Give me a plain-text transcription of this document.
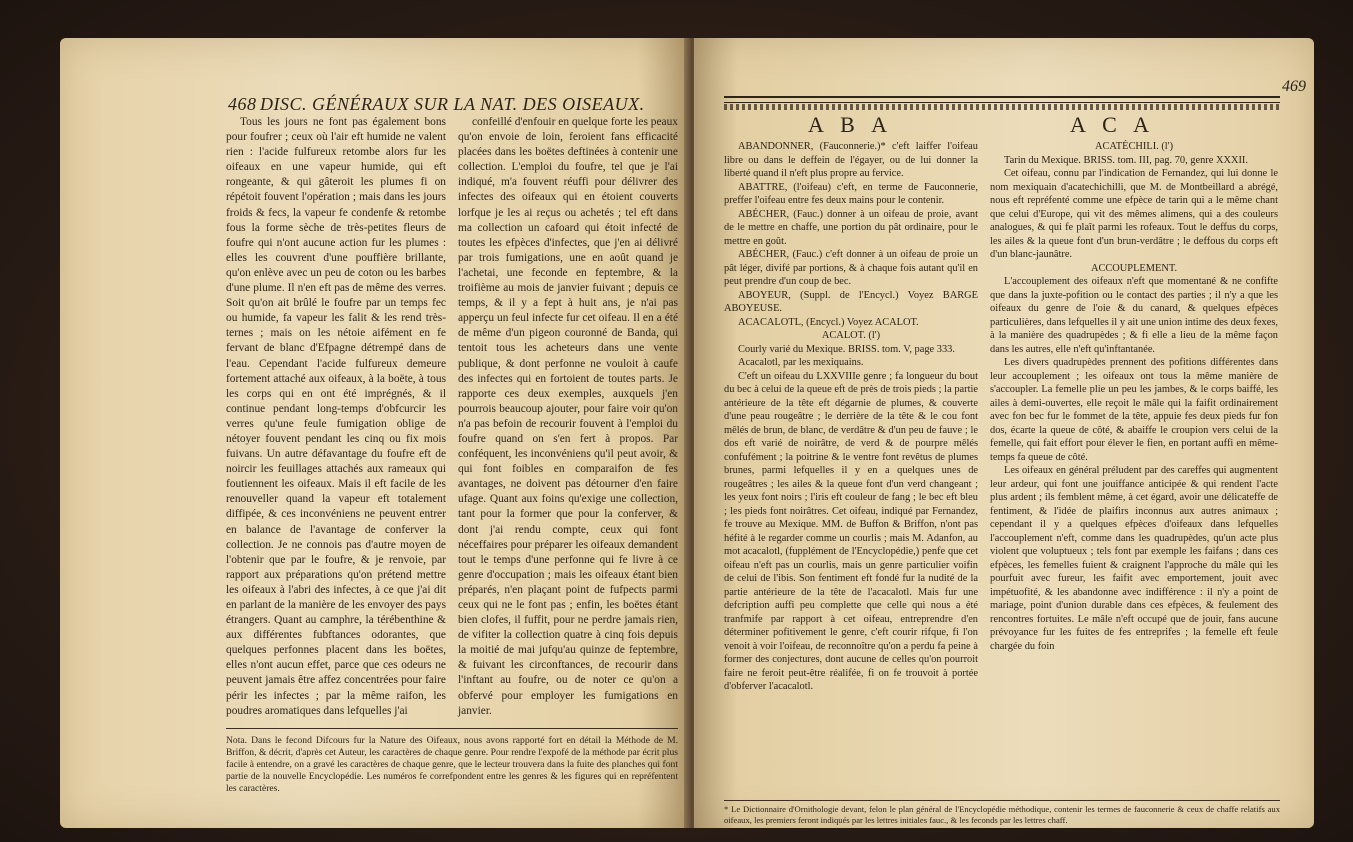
468 DISC. GÉNÉRAUX SUR LA NAT. DES OISEAUX.

Tous les jours ne font pas également bons pour foufrer ; ceux où l'air eft humide ne valent rien : l'acide fulfureux retombe alors fur les oifeaux en une vapeur humide, qui eft rongeante, & qui gâteroit les plumes fi on répétoit fouvent l'opération ; mais dans les jours froids & fecs, la vapeur fe condenfe & retombe fous la forme sèche de très-petites fleurs de foufre qui n'ont aucune action fur les plumes : elles les couvrent d'une pouffière brillante, qu'on enlève avec un peu de coton ou les barbes d'une plume. Il n'en eft pas de même des verres. Soit qu'on ait brûlé le foufre par un temps fec ou humide, fa vapeur les falit & les rend très-ternes ; mais on les nétoie aifément en fe fervant de blanc d'Efpagne détrempé dans de l'eau. Cependant l'acide fulfureux demeure fortement attaché aux oifeaux, à la boëte, à tous les corps qui en ont été imprégnés, & il continue pendant long-temps d'obfcurcir les verres qu'une feule fumigation oblige de nétoyer fouvent pendant les cinq ou fix mois fuivans. Un autre défavantage du foufre eft de noircir les feuillages attachés aux rameaux qui foutiennent les oifeaux. Mais il eft facile de les renouveller quand la vapeur eft totalement diffipée, & ces inconvéniens ne peuvent entrer en balance de l'avantage de conferver la collection. Je ne connois pas d'autre moyen de l'obtenir que par le foufre, & je renvoie, par rapport aux préparations qu'on prétend mettre les oifeaux à l'abri des infectes, à ce que j'ai dit en parlant de la manière de les envoyer des pays étrangers. Quant au camphre, la térébenthine & aux différentes fubftances odorantes, que quelques perfonnes placent dans les boëtes, elles n'ont aucun effet, parce que ces odeurs ne peuvent jamais être affez concentrées pour faire périr les infectes ; par la même raifon, les poudres aromatiques dans lefquelles j'ai

confeillé d'enfouir en quelque forte les peaux qu'on envoie de loin, feroient fans efficacité placées dans les boëtes deftinées à contenir une collection. L'emploi du foufre, tel que je l'ai indiqué, m'a fouvent réuffi pour délivrer des infectes des oifeaux qui en étoient couverts lorfque je les ai reçus ou achetés ; tel eft dans ma collection un cafoard qui étoit infecté de toutes les efpèces d'infectes, que j'en ai délivré par trois fumigations, une en août quand je l'achetai, une feconde en feptembre, & la troifième au mois de janvier fuivant ; depuis ce temps, & il y a fept à huit ans, je n'ai pas apperçu un feul infecte fur cet oifeau. Il en a été de même d'un pigeon couronné de Banda, qui tentoit tous les acheteurs dans une vente publique, & dont perfonne ne vouloit à caufe des infectes qui en fortoient de toutes parts. Je rapporte ces deux exemples, auxquels j'en pourrois beaucoup ajouter, pour faire voir qu'on n'a pas befoin de recourir fouvent à l'emploi du foufre quand on s'en fert à propos. Par conféquent, les inconvéniens qu'il peut avoir, & qui font foibles en comparaifon de fes avantages, ne doivent pas détourner d'en faire ufage. Quant aux foins qu'exige une collection, tant pour la former que pour la conferver, & dont j'ai rendu compte, ceux qui font néceffaires pour préparer les oifeaux demandent tout le temps d'une perfonne qui fe livre à ce genre d'occupation ; mais les oifeaux étant bien préparés, n'en plaçant point de fufpects parmi ceux qui ne le font pas ; enfin, les boëtes étant bien clofes, il fuffit, pour ne perdre jamais rien, de vifiter la collection quatre à cinq fois depuis la moitié de mai jufqu'au quinze de feptembre, & fuivant les circonftances, de recourir dans l'inftant au foufre, ou de noter ce qu'on a obfervé pour employer les fumigations en janvier.

Nota. Dans le fecond Difcours fur la Nature des Oifeaux, nous avons rapporté fort en détail la Méthode de M. Briffon, & décrit, d'après cet Auteur, les caractères de chaque genre. Pour rendre l'expofé de la méthode par écrit plus facile à entendre, on a gravé les caractères de chaque genre, que le lecteur trouvera dans la fuite des planches qui font partie de la nouvelle Encyclopédie. Les numéros fe correfpondent entre les genres & les figures qui en repréfentent les caractères.
469
A B A	A C A

ABANDONNER, (Fauconnerie.)* c'eft laiffer l'oifeau libre ou dans le deffein de l'égayer, ou de lui donner la liberté quand il n'eft plus propre au fervice.

ABATTRE, (l'oifeau) c'eft, en terme de Fauconnerie, preffer l'oifeau entre fes deux mains pour le contenir.

ABÉCHER, (Fauc.) donner à un oifeau de proie, avant de le mettre en chaffe, une portion du pât ordinaire, pour le mettre en goût.

ABÉCHER, (Fauc.) c'eft donner à un oifeau de proie un pât léger, divifé par portions, & à chaque fois autant qu'il en peut prendre d'un coup de bec.

ABOYEUR, (Suppl. de l'Encycl.) Voyez BARGE ABOYEUSE.

ACACALOTL, (Encycl.) Voyez ACALOT.

ACALOT. (l')

Courly varié du Mexique. BRISS. tom. V, page 333.

Acacalotl, par les mexiquains.

C'eft un oifeau du LXXVIIIe genre ; fa longueur du bout du bec à celui de la queue eft de près de trois pieds ; la partie antérieure de la tête eft dégarnie de plumes, & couverte d'une peau rougeâtre ; le derrière de la tête & le cou font mêlés de brun, de blanc, de verdâtre & d'un peu de fauve ; le dos eft varié de noirâtre, de verd & de pourpre mêlés confufément ; la poitrine & le ventre font revêtus de plumes brunes, parmi lefquelles il y en a quelques unes de rougeâtres ; les ailes & la queue font d'un verd changeant ; les yeux font noirs ; l'iris eft couleur de fang ; le bec eft bleu ; les pieds font noirâtres. Cet oifeau, indiqué par Fernandez, fe trouve au Mexique. MM. de Buffon & Briffon, n'ont pas héfité à le regarder comme un courlis ; mais M. Adanfon, au mot acacalotl, (fupplément de l'Encyclopédie,) penfe que cet oifeau n'eft pas un courlis, mais un genre particulier voifin de celui de l'ibis. Son fentiment eft fondé fur la nudité de la partie antérieure de la tête de l'acacalotl. Mais fur une defcription auffi peu complette que celle qui nous a été tranfmife par rapport à cet oifeau, entreprendre d'en déterminer pofitivement le genre, c'eft courir rifque, fi l'on venoit à voir l'oifeau, de reconnoître qu'on a perdu fa peine à former des conjectures, dont aucune de celles qu'on pourroit faire ne feroit peut-être réalifée, fi on fe trouvoit à portée d'obferver l'acacalotl.

ACATÉCHILI. (l')

Tarin du Mexique. BRISS. tom. III, pag. 70, genre XXXII.

Cet oifeau, connu par l'indication de Fernandez, qui lui donne le nom mexiquain d'acatechichilli, que M. de Montbeillard a abrégé, nous eft repréfenté comme une efpèce de tarin qui a le même chant que celui d'Europe, qui vit des mêmes alimens, qui a des couleurs analogues, & qui fe plaît parmi les rofeaux. Tout le deffus du corps, les ailes & la queue font d'un brun-verdâtre ; le deffous du corps eft d'un blanc-jaunâtre.

ACCOUPLEMENT.

L'accouplement des oifeaux n'eft que momentané & ne confifte que dans la juxte-pofition ou le contact des parties ; il n'y a que les oifeaux du genre de l'oie & du canard, & quelques efpèces particulières, dans lefquelles il y ait une union intime des deux fexes, à la manière des quadrupèdes ; & fi elle a lieu de la même façon dans les autres, elle n'eft qu'inftantanée.

Les divers quadrupèdes prennent des pofitions différentes dans leur accouplement ; les oifeaux ont tous la même manière de s'accoupler. La femelle plie un peu les jambes, & le corps baiffé, les ailes à demi-ouvertes, elle reçoit le mâle qui la faifit ordinairement avec fon bec fur le fommet de la tête, appuie fes deux pieds fur fon dos, écarte la queue de côté, & abaiffe le croupion vers celui de la femelle, qui fait effort pour élever le fien, en portant auffi en même-temps fa queue de côté.

Les oifeaux en général préludent par des careffes qui augmentent leur ardeur, qui font une jouiffance anticipée & qui rendent l'acte plus ardent ; ils femblent même, à cet égard, avoir une délicateffe de fentiment, & l'idée de plaifirs inconnus aux autres animaux ; cependant il y a quelques efpèces d'oifeaux dans lefquelles l'accouplement n'eft, comme dans les quadrupèdes, qu'un acte plus violent que voluptueux ; tels font par exemple les faifans ; dans ces efpèces, les femelles fuient & craignent l'approche du mâle qui les pourfuit avec fureur, les faifit avec emportement, jouit avec impétuofité, & les abandonne avec indifférence : il n'y a point de mariage, point d'union durable dans ces efpèces, & feulement des rencontres fortuites. Le mâle n'eft occupé que de jouir, fans aucune prévoyance fur les fuites de fes entreprifes ; la femelle eft feule chargée du foin

* Le Dictionnaire d'Ornithologie devant, felon le plan général de l'Encyclopédie méthodique, contenir les termes de fauconnerie & ceux de chaffe relatifs aux oifeaux, les premiers feront indiqués par les lettres initiales fauc., & les feconds par les lettres chaff.
